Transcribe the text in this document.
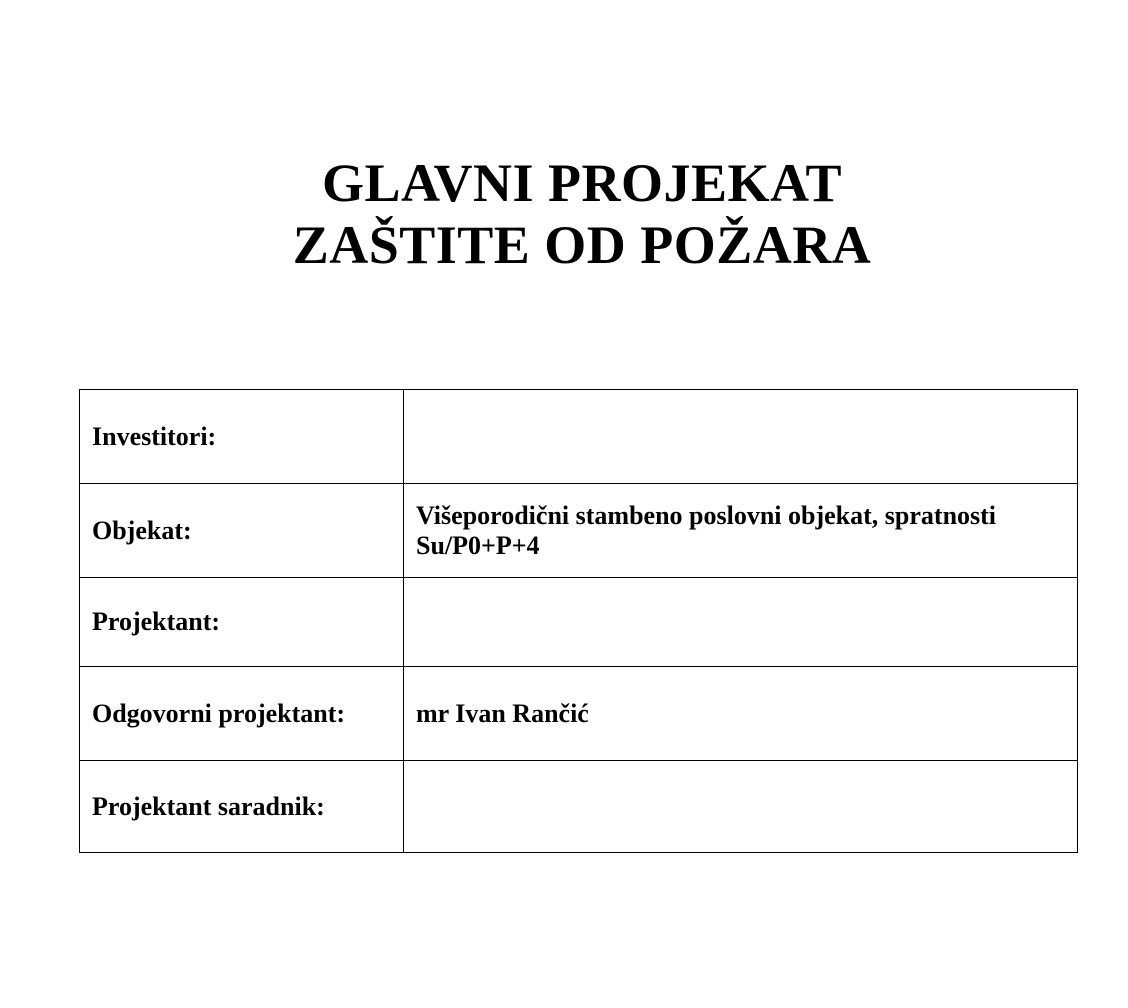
GLAVNI PROJEKAT
ZAŠTITE OD POŽARA
Investitori:	
Objekat:	Višeporodični stambeno poslovni objekat, spratnosti Su/P0+P+4
Projektant:	
Odgovorni projektant:	mr Ivan Rančić
Projektant saradnik:	
